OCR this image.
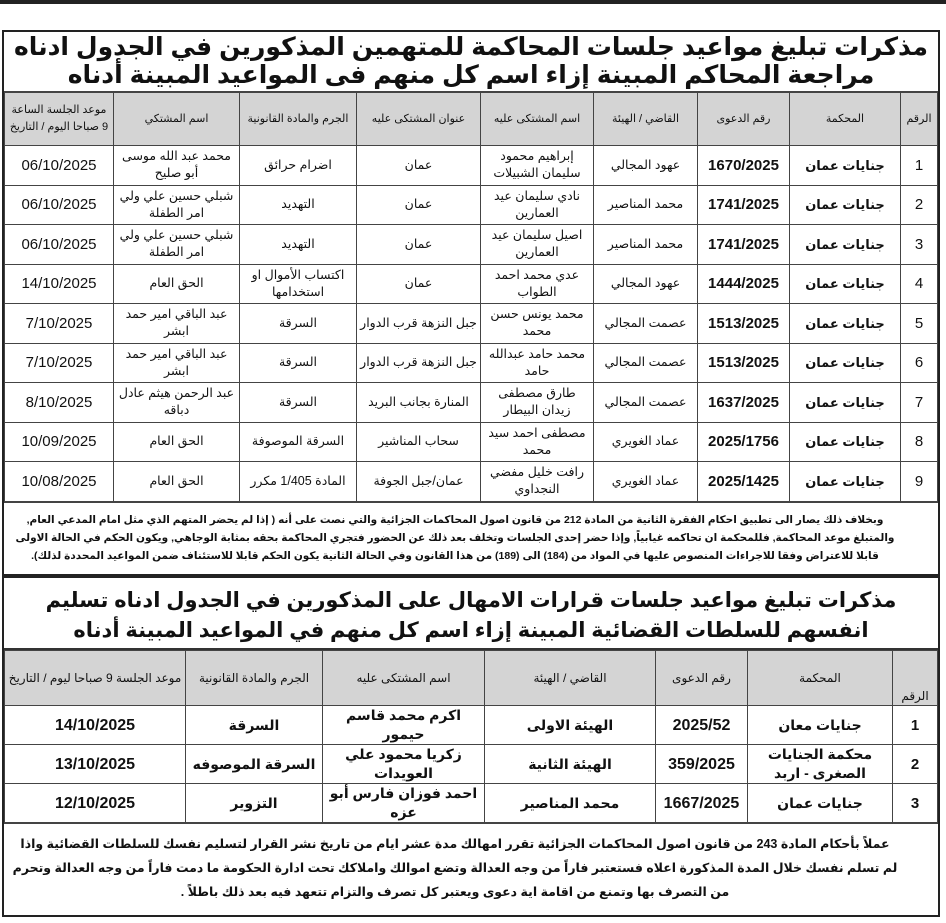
مذكرات تبليغ مواعيد جلسات المحاكمة للمتهمين المذكورين في الجدول ادناه مراجعة المحاكم المبينة إزاء اسم كل منهم فى المواعيد المبينة أدناه
الرقم	المحكمة	رقم الدعوى	القاضي / الهيئة	اسم المشتكى عليه	عنوان المشتكى عليه	الجرم والمادة القانونية	اسم المشتكي	موعد الجلسة الساعة 9 صباحا اليوم / التاريخ
1	جنايات عمان	1670/2025	عهود المجالي	إبراهيم محمود سليمان الشبيلات	عمان	اضرام حرائق	محمد عبد الله موسى أبو صليح	06/10/2025
2	جنايات عمان	1741/2025	محمد المناصير	نادي سليمان عيد العمارين	عمان	التهديد	شبلي حسين علي ولي امر الطفلة	06/10/2025
3	جنايات عمان	1741/2025	محمد المناصير	اصيل سليمان عيد العمارين	عمان	التهديد	شبلي حسين علي ولي امر الطفلة	06/10/2025
4	جنايات عمان	1444/2025	عهود المجالي	عدي محمد احمد الطواب	عمان	اكتساب الأموال او استخدامها	الحق العام	14/10/2025
5	جنايات عمان	1513/2025	عصمت المجالي	محمد يونس حسن محمد	جبل النزهة قرب الدوار	السرقة	عبد الباقي امير حمد ابشر	7/10/2025
6	جنايات عمان	1513/2025	عصمت المجالي	محمد حامد عبدالله حامد	جبل النزهة قرب الدوار	السرقة	عبد الباقي امير حمد ابشر	7/10/2025
7	جنايات عمان	1637/2025	عصمت المجالي	طارق مصطفى زيدان البيطار	المنارة بجانب البريد	السرقة	عبد الرحمن هيثم عادل دباقه	8/10/2025
8	جنايات عمان	2025/1756	عماد الغويري	مصطفى احمد سيد محمد	سحاب المناشير	السرقة الموصوفة	الحق العام	10/09/2025
9	جنايات عمان	2025/1425	عماد الغويري	رافت خليل مفضي النجداوي	عمان/جبل الجوفة	المادة 1/405 مكرر	الحق العام	10/08/2025
وبخلاف ذلك يصار الى تطبيق احكام الفقرة الثانية من المادة 212 من قانون اصول المحاكمات الجزائية والتي نصت على أنه ( إذا لم يحضر المتهم الذي مثل امام المدعي العام, والمتبلغ موعد المحاكمة, فللمحكمة ان تحاكمه غيابياً, وإذا حضر إحدى الجلسات وتخلف بعد ذلك عن الحضور فتجري المحاكمة بحقه بمثابة الوجاهي, ويكون الحكم في الحالة الاولى قابلا للاعتراض وفقا للاجراءات المنصوص عليها في المواد من (184) الى (189) من هذا القانون وفي الحالة الثانية يكون الحكم قابلا للاستئناف ضمن المواعيد المحددة لذلك).
مذكرات تبليغ مواعيد جلسات قرارات الامهال على المذكورين في الجدول ادناه تسليم انفسهم للسلطات القضائية المبينة إزاء اسم كل منهم في المواعيد المبينة أدناه
الرقم	المحكمة	رقم الدعوى	القاضي / الهيئة	اسم المشتكى عليه	الجرم والمادة القانونية	موعد الجلسة 9 صباحا ليوم / التاريخ
1	جنايات معان	2025/52	الهيئة الاولى	اكرم محمد قاسم حيمور	السرقة	14/10/2025
2	محكمة الجنايات الصغرى - اربد	359/2025	الهيئة الثانية	زكريا محمود علي العويدات	السرقة الموصوفه	13/10/2025
3	جنايات عمان	1667/2025	محمد المناصير	احمد فوزان فارس أبو عزه	التزوير	12/10/2025
عملاً بأحكام المادة 243 من قانون اصول المحاكمات الجزائية تقرر امهالك مدة عشر ايام من تاريخ نشر القرار لتسليم نفسك للسلطات القضائية واذا لم تسلم نفسك خلال المدة المذكورة اعلاه فستعتبر فاراً من وجه العدالة وتضع اموالك واملاكك تحت ادارة الحكومة ما دمت فاراً من وجه العدالة وتحرم من التصرف بها وتمنع من اقامة اية دعوى ويعتبر كل تصرف والتزام تتعهد فيه بعد ذلك باطلاً .
